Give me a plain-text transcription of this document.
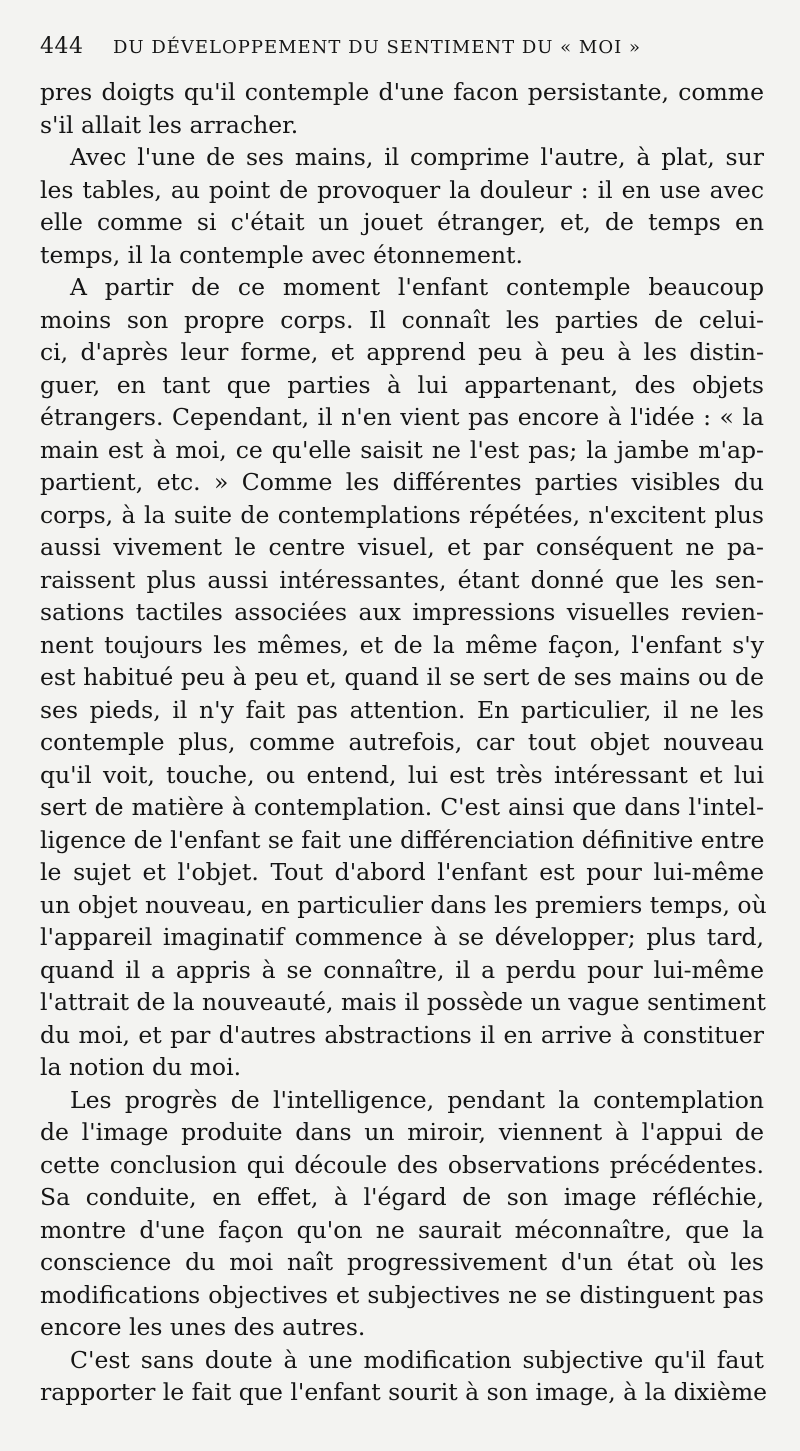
444 DU DÉVELOPPEMENT DU SENTIMENT DU « MOI »
pres doigts qu'il contemple d'une facon persistante, comme
s'il allait les arracher.
Avec l'une de ses mains, il comprime l'autre, à plat, sur
les tables, au point de provoquer la douleur : il en use avec
elle comme si c'était un jouet étranger, et, de temps en
temps, il la contemple avec étonnement.
A partir de ce moment l'enfant contemple beaucoup
moins son propre corps. Il connaît les parties de celui-
ci, d'après leur forme, et apprend peu à peu à les distin-
guer, en tant que parties à lui appartenant, des objets
étrangers. Cependant, il n'en vient pas encore à l'idée : « la
main est à moi, ce qu'elle saisit ne l'est pas; la jambe m'ap-
partient, etc. » Comme les différentes parties visibles du
corps, à la suite de contemplations répétées, n'excitent plus
aussi vivement le centre visuel, et par conséquent ne pa-
raissent plus aussi intéressantes, étant donné que les sen-
sations tactiles associées aux impressions visuelles revien-
nent toujours les mêmes, et de la même façon, l'enfant s'y
est habitué peu à peu et, quand il se sert de ses mains ou de
ses pieds, il n'y fait pas attention. En particulier, il ne les
contemple plus, comme autrefois, car tout objet nouveau
qu'il voit, touche, ou entend, lui est très intéressant et lui
sert de matière à contemplation. C'est ainsi que dans l'intel-
ligence de l'enfant se fait une différenciation définitive entre
le sujet et l'objet. Tout d'abord l'enfant est pour lui-même
un objet nouveau, en particulier dans les premiers temps, où
l'appareil imaginatif commence à se développer; plus tard,
quand il a appris à se connaître, il a perdu pour lui-même
l'attrait de la nouveauté, mais il possède un vague sentiment
du moi, et par d'autres abstractions il en arrive à constituer
la notion du moi.
Les progrès de l'intelligence, pendant la contemplation
de l'image produite dans un miroir, viennent à l'appui de
cette conclusion qui découle des observations précédentes.
Sa conduite, en effet, à l'égard de son image réfléchie,
montre d'une façon qu'on ne saurait méconnaître, que la
conscience du moi naît progressivement d'un état où les
modifications objectives et subjectives ne se distinguent pas
encore les unes des autres.
C'est sans doute à une modification subjective qu'il faut
rapporter le fait que l'enfant sourit à son image, à la dixième
